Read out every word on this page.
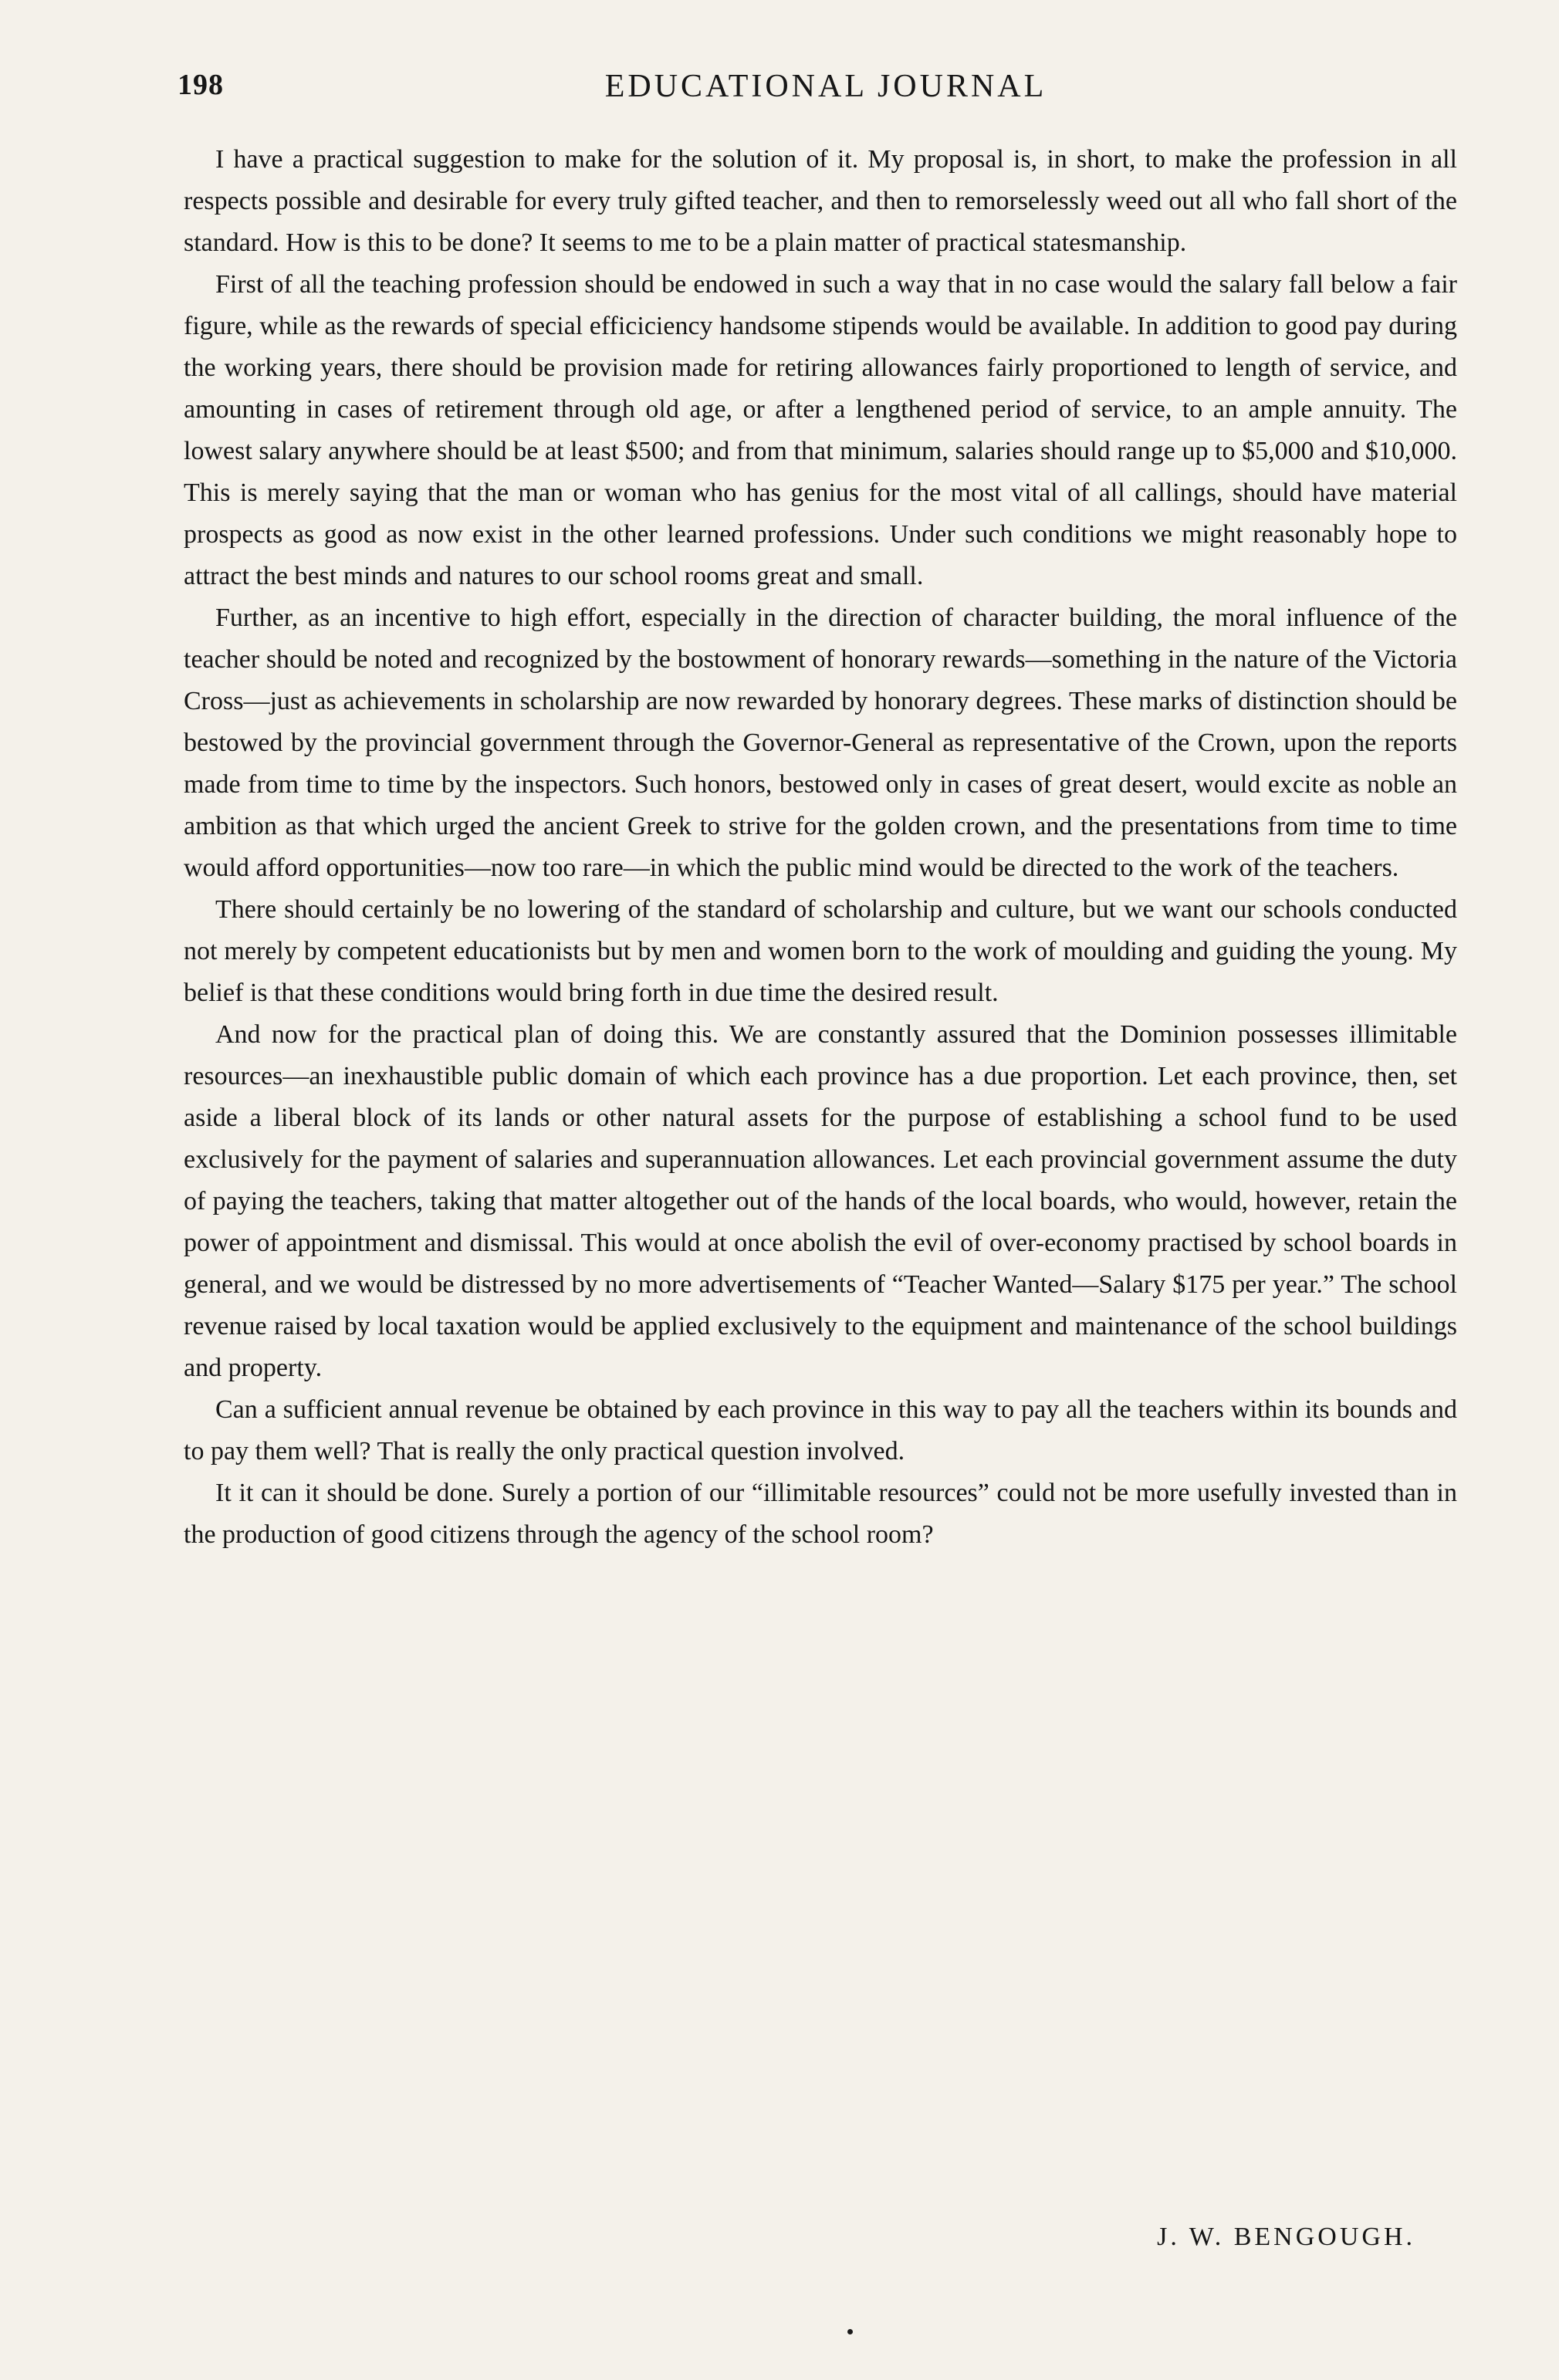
198	EDUCATIONAL JOURNAL

I have a practical suggestion to make for the solution of it. My proposal is, in short, to make the profession in all respects possible and desirable for every truly gifted teacher, and then to remorselessly weed out all who fall short of the standard. How is this to be done? It seems to me to be a plain matter of practical statesmanship.

First of all the teaching profession should be endowed in such a way that in no case would the salary fall below a fair figure, while as the rewards of special efficiciency handsome stipends would be available. In addition to good pay during the working years, there should be provision made for retiring allowances fairly proportioned to length of service, and amounting in cases of retirement through old age, or after a lengthened period of service, to an ample annuity. The lowest salary anywhere should be at least $500; and from that minimum, salaries should range up to $5,000 and $10,000. This is merely saying that the man or woman who has genius for the most vital of all callings, should have material prospects as good as now exist in the other learned professions. Under such conditions we might reasonably hope to attract the best minds and natures to our school rooms great and small.

Further, as an incentive to high effort, especially in the direction of character building, the moral influence of the teacher should be noted and recognized by the bostowment of honorary rewards—something in the nature of the Victoria Cross—just as achievements in scholarship are now rewarded by honorary degrees. These marks of distinction should be bestowed by the provincial government through the Governor-General as representative of the Crown, upon the reports made from time to time by the inspectors. Such honors, bestowed only in cases of great desert, would excite as noble an ambition as that which urged the ancient Greek to strive for the golden crown, and the presentations from time to time would afford opportunities—now too rare—in which the public mind would be directed to the work of the teachers.

There should certainly be no lowering of the standard of scholarship and culture, but we want our schools conducted not merely by competent educationists but by men and women born to the work of moulding and guiding the young. My belief is that these conditions would bring forth in due time the desired result.

And now for the practical plan of doing this. We are constantly assured that the Dominion possesses illimitable resources—an inexhaustible public domain of which each province has a due proportion. Let each province, then, set aside a liberal block of its lands or other natural assets for the purpose of establishing a school fund to be used exclusively for the payment of salaries and superannuation allowances. Let each provincial government assume the duty of paying the teachers, taking that matter altogether out of the hands of the local boards, who would, however, retain the power of appointment and dismissal. This would at once abolish the evil of over-economy practised by school boards in general, and we would be distressed by no more advertisements of “Teacher Wanted—Salary $175 per year.” The school revenue raised by local taxation would be applied exclusively to the equipment and maintenance of the school buildings and property.

Can a sufficient annual revenue be obtained by each province in this way to pay all the teachers within its bounds and to pay them well? That is really the only practical question involved.

It it can it should be done. Surely a portion of our “illimitable resources” could not be more usefully invested than in the production of good citizens through the agency of the school room?

J. W. BENGOUGH.
